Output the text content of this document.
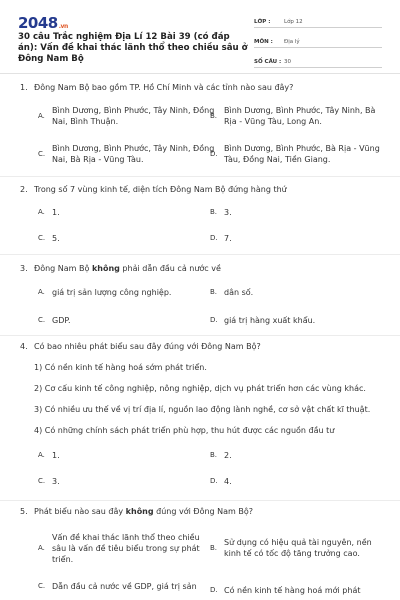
2048.vn
30 câu Trắc nghiệm Địa Lí 12 Bài 39 (có đáp án): Vấn đề khai thác lãnh thổ theo chiều sâu ở Đông Nam Bộ
LỚP :	Lớp 12
MÔN :	Địa lý
SỐ CÂU : 30
1. Đông Nam Bộ bao gồm TP. Hồ Chí Minh và các tỉnh nào sau đây?
A.
Bình Dương, Bình Phước, Tây Ninh, Đồng Nai, Bình Thuận.
B.
Bình Dương, Bình Phước, Tây Ninh, Bà Rịa - Vũng Tàu, Long An.
C.
Bình Dương, Bình Phước, Tây Ninh, Đồng Nai, Bà Rịa - Vũng Tàu.
D.
Bình Dương, Bình Phước, Bà Rịa - Vũng Tàu, Đồng Nai, Tiền Giang.
2. Trong số 7 vùng kinh tế, diện tích Đông Nam Bộ đứng hàng thứ
A. 1.	B. 3.
C. 5.	D. 7.
3. Đông Nam Bộ không phải dẫn đầu cả nước về
A. giá trị sản lượng công nghiệp.	B. dân số.
C. GDP.	D. giá trị hàng xuất khẩu.
4. Có bao nhiêu phát biểu sau đây đúng với Đông Nam Bộ?
1) Có nền kinh tế hàng hoá sớm phát triển.
2) Cơ cấu kinh tế công nghiệp, nông nghiệp, dịch vụ phát triển hơn các vùng khác.
3) Có nhiều ưu thế về vị trí địa lí, nguồn lao động lành nghề, cơ sở vật chất kĩ thuật.
4) Có những chính sách phát triển phù hợp, thu hút được các nguồn đầu tư
A. 1.	B. 2.
C. 3.	D. 4.
5. Phát biểu nào sau đây không đúng với Đông Nam Bộ?
A.
Vấn đề khai thác lãnh thổ theo chiều sâu là vấn đề tiêu biểu trong sự phát triển.
B.
Sử dụng có hiệu quả tài nguyên, nền kinh tế có tốc độ tăng trưởng cao.
C. Dẫn đầu cả nước về GDP, giá trị sản	D. Có nền kinh tế hàng hoá mới phát
